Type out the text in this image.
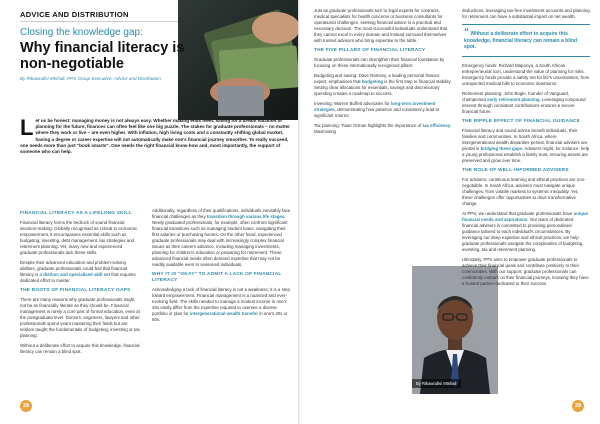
ADVICE AND DISTRIBUTION
Closing the knowledge gap:
Why financial literacy is non-negotiable
By Rikawodisi Mtshali, PPS Group Executive: Advice and Distribution
Let us be honest: managing money is not always easy. Whether making ends meet, saving for a dream vacation or planning for the future, finances can often feel like one big puzzle. The stakes for graduate professionals – no matter where they work or live – are even higher. With inflation, high living costs and a constantly shifting global market, having a degree or career expertise will not automatically make one's financial journey smoother. To really succeed, one needs more than just "book smarts". One needs the right financial know-how and, most importantly, the support of someone who can help.
FINANCIAL LITERACY AS A LIFELONG SKILL

Financial literacy forms the bedrock of sound financial decision-making. Globally recognised as critical to economic empowerment, it encompasses essential skills such as budgeting, investing, debt management, tax strategies and retirement planning. Yet, many new and experienced graduate professionals lack these skills.

Despite their advanced education and problem-solving abilities, graduate professionals could find that financial literacy is a distinct and specialised skill set that requires dedicated effort to master.

THE ROOTS OF FINANCIAL LITERACY GAPS

There are many reasons why graduate professionals might not be as financially literate as they should be. Financial management is rarely a core part of formal education, even at the postgraduate level. Doctors, engineers, lawyers and other professionals spend years mastering their fields but are seldom taught the fundamentals of budgeting, investing or tax planning.

Without a deliberate effort to acquire this knowledge, financial literacy can remain a blind spot.

Additionally, regardless of their qualifications, individuals inevitably face financial challenges as they transition through various life stages. Newly graduated professionals, for example, often confront significant financial transitions such as managing student loans, navigating their first salaries or purchasing homes. On the other hand, experienced graduate professionals may deal with increasingly complex financial issues as their careers advance, including managing investments, planning for children's education or preparing for retirement. These advanced financial needs often demand expertise that may not be readily available even to seasoned individuals.

WHY IT IS "OKAY" TO ADMIT A LACK OF FINANCIAL LITERACY

Acknowledging a lack of financial literacy is not a weakness; it is a step toward empowerment. Financial management is a nuanced and ever-evolving field. The skills needed to manage a modest income in one's 20s vastly differ from the expertise required to oversee a diverse portfolio or plan for intergenerational wealth transfer in one's 40s or 50s.

28

Just as graduate professionals turn to legal experts for contracts, medical specialists for health concerns or business consultants for operational challenges, seeking financial advice is a practical and necessary decision. The most successful individuals understand that they cannot excel in every domain and instead surround themselves with trusted advisors who bring expertise to the table.

THE FIVE PILLARS OF FINANCIAL LITERACY

Graduate professionals can strengthen their financial foundation by focusing on these internationally recognised pillars:

Budgeting and saving: Dave Ramsey, a leading personal finance expert, emphasises that budgeting is the first step to financial stability. Setting clear allocations for essentials, savings and discretionary spending creates a roadmap to success.

Investing: Warren Buffett advocates for long-term investment strategies, demonstrating how patience and consistency lead to significant returns.

Tax planning: Tiaan Orman highlights the importance of tax efficiency. Maximising

By Rikawodisi Mtshali

deductions, leveraging tax-free investment accounts and planning for retirement can have a substantial impact on net wealth.

“ Without a deliberate effort to acquire this knowledge, financial literacy can remain a blind spot.

Emergency funds: Richard Maponya, a South African entrepreneurial icon, understood the value of planning for risks. Emergency funds provide a safety net for life's uncertainties, from unexpected medical bills to economic downturns.

Retirement planning: John Bogle, founder of Vanguard, championed early retirement planning. Leveraging compound interest through consistent contributions ensures a secure financial future.

THE RIPPLE EFFECT OF FINANCIAL GUIDANCE

Financial literacy and sound advice benefit individuals, their families and communities. In South Africa, where intergenerational wealth disparities persist, financial advisers are pivotal in bridging these gaps. Advisers might, for instance, help a young professional establish a family trust, ensuring assets are preserved and grow over time.

THE ROLE OF WELL-INFORMED ADVISERS

For advisers, continuous learning and ethical practices are non-negotiable. In South Africa, advisers must navigate unique challenges, from volatile markets to systemic inequality. Yet, these challenges offer opportunities to drive transformative change.

At PPS, we understand that graduate professionals have unique financial needs and aspirations. Our team of dedicated financial advisers is committed to providing personalised guidance tailored to each individual's circumstances. By leveraging our deep expertise and ethical practices, we help graduate professionals navigate the complexities of budgeting, investing, tax and retirement planning.

Ultimately, PPS aims to empower graduate professionals to achieve their financial goals and contribute positively to their communities. With our support, graduate professionals can confidently embark on their financial journeys, knowing they have a trusted partner dedicated to their success.

29
